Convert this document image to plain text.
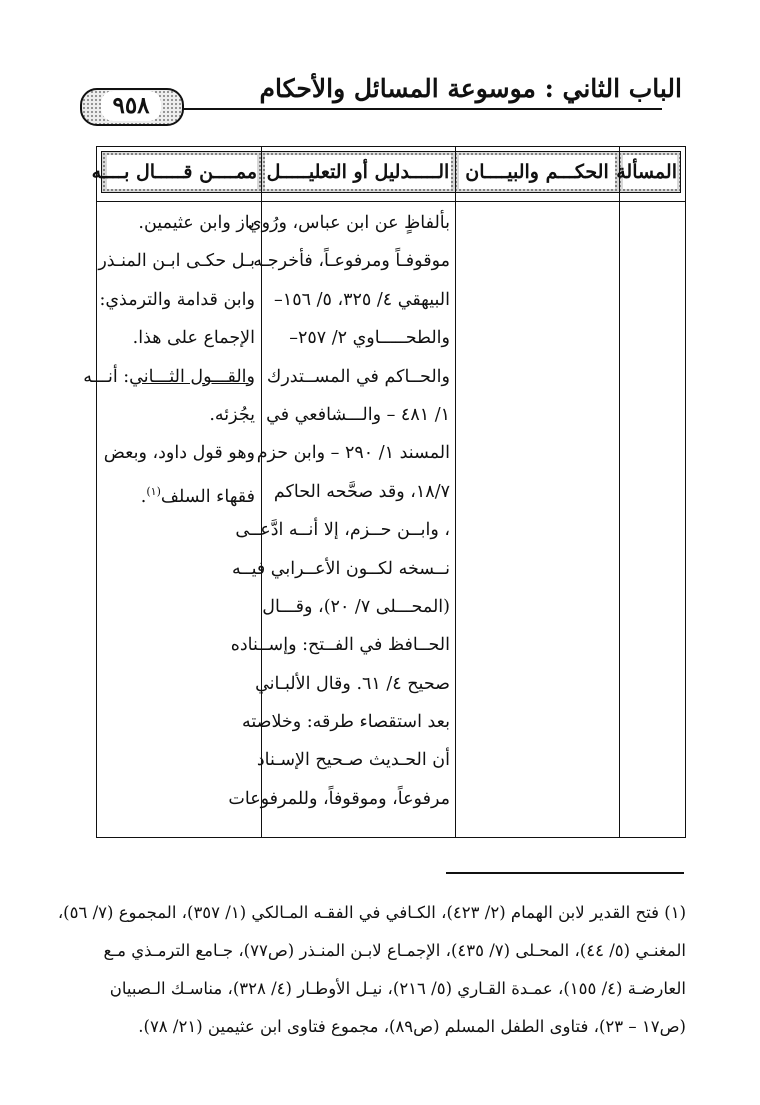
الباب الثاني : موسوعة المسائل والأحكام
٩٥٨
ممــــن قـــــال بــــه الـــــدليل أو التعليـــــل الحكـــم والبيــــان المسألة
باز وابن عثيمين.
بـل حكـى ابـن المنـذر
وابن قدامة والترمذي:
الإجماع على هذا.
والقـــول الثـــاني: أنـــه
يجُزئه.
وهو قول داود، وبعض
فقهاء السلف$^{(١)}$.
بألفاظٍ عن ابن عباس، ورُوي
موقوفـاً ومرفوعـاً، فأخرجـه
البيهقي ٤/ ٣٢٥، ٥/ ١٥٦–
والطحـــــاوي ٢/ ٢٥٧–
والحــاكم في المســتدرك
١/ ٤٨١ – والـــشافعي في
المسند ١/ ٢٩٠ – وابن حزم
١٨/٧، وقد صحَّحه الحاكم
، وابــن حــزم، إلا أنــه ادَّعــى
نــسخه لكــون الأعــرابي فيــه
(المحـــلى ٧/ ٢٠)، وقـــال
الحــافظ في الفــتح: وإســناده
صحيح ٤/ ٦١. وقال الألبـاني
بعد استقصاء طرقه: وخلاصته
أن الحـديث صـحيح الإسـناد
مرفوعاً، وموقوفاً، وللمرفوعات
(١) فتح القدير لابن الهمام (٢/ ٤٢٣)، الكـافي في الفقـه المـالكي (١/ ٣٥٧)، المجموع (٧/ ٥٦)،
المغنـي (٥/ ٤٤)، المحـلى (٧/ ٤٣٥)، الإجمـاع لابـن المنـذر (ص٧٧)، جـامع الترمـذي مـع
العارضـة (٤/ ١٥٥)، عمـدة القـاري (٥/ ٢١٦)، نيـل الأوطـار (٤/ ٣٢٨)، مناسـك الـصبيان
(ص١٧ – ٢٣)، فتاوى الطفل المسلم (ص٨٩)، مجموع فتاوى ابن عثيمين (٢١/ ٧٨).
